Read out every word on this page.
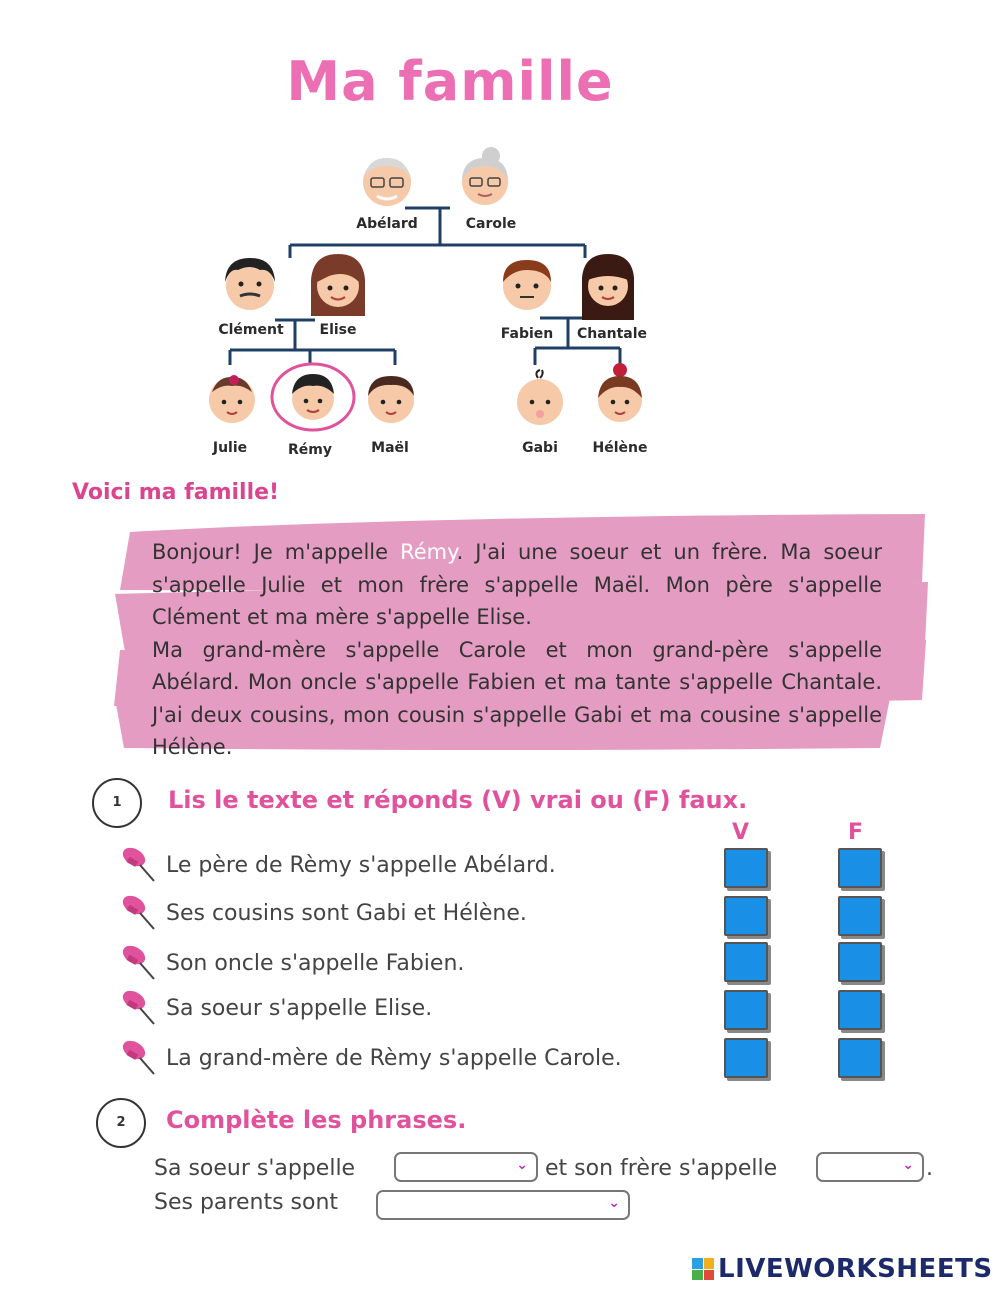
Ma famille
Abélard	Carole
Clément	Elise	Fabien	Chantale
Julie	Rémy	Maël	Gabi	Hélène
Voici ma famille!

Bonjour! Je m'appelle Rémy. J'ai une soeur et un frère. Ma soeur s'appelle Julie et mon frère s'appelle Maël. Mon père s'appelle Clément et ma mère s'appelle Elise.

Ma grand-mère s'appelle Carole et mon grand-père s'appelle Abélard. Mon oncle s'appelle Fabien et ma tante s'appelle Chantale. J'ai deux cousins, mon cousin s'appelle Gabi et ma cousine s'appelle Hélène.

1	Lis le texte et réponds (V) vrai ou (F) faux.
V	F
Le père de Rèmy s'appelle Abélard.
Ses cousins sont Gabi et Hélène.
Son oncle s'appelle Fabien.
Sa soeur s'appelle Elise.
La grand-mère de Rèmy s'appelle Carole.
2	Complète les phrases.
Sa soeur s'appelle	⌄ et son frère s'appelle	⌄ .
Ses parents sont	⌄
LIVEWORKSHEETS
